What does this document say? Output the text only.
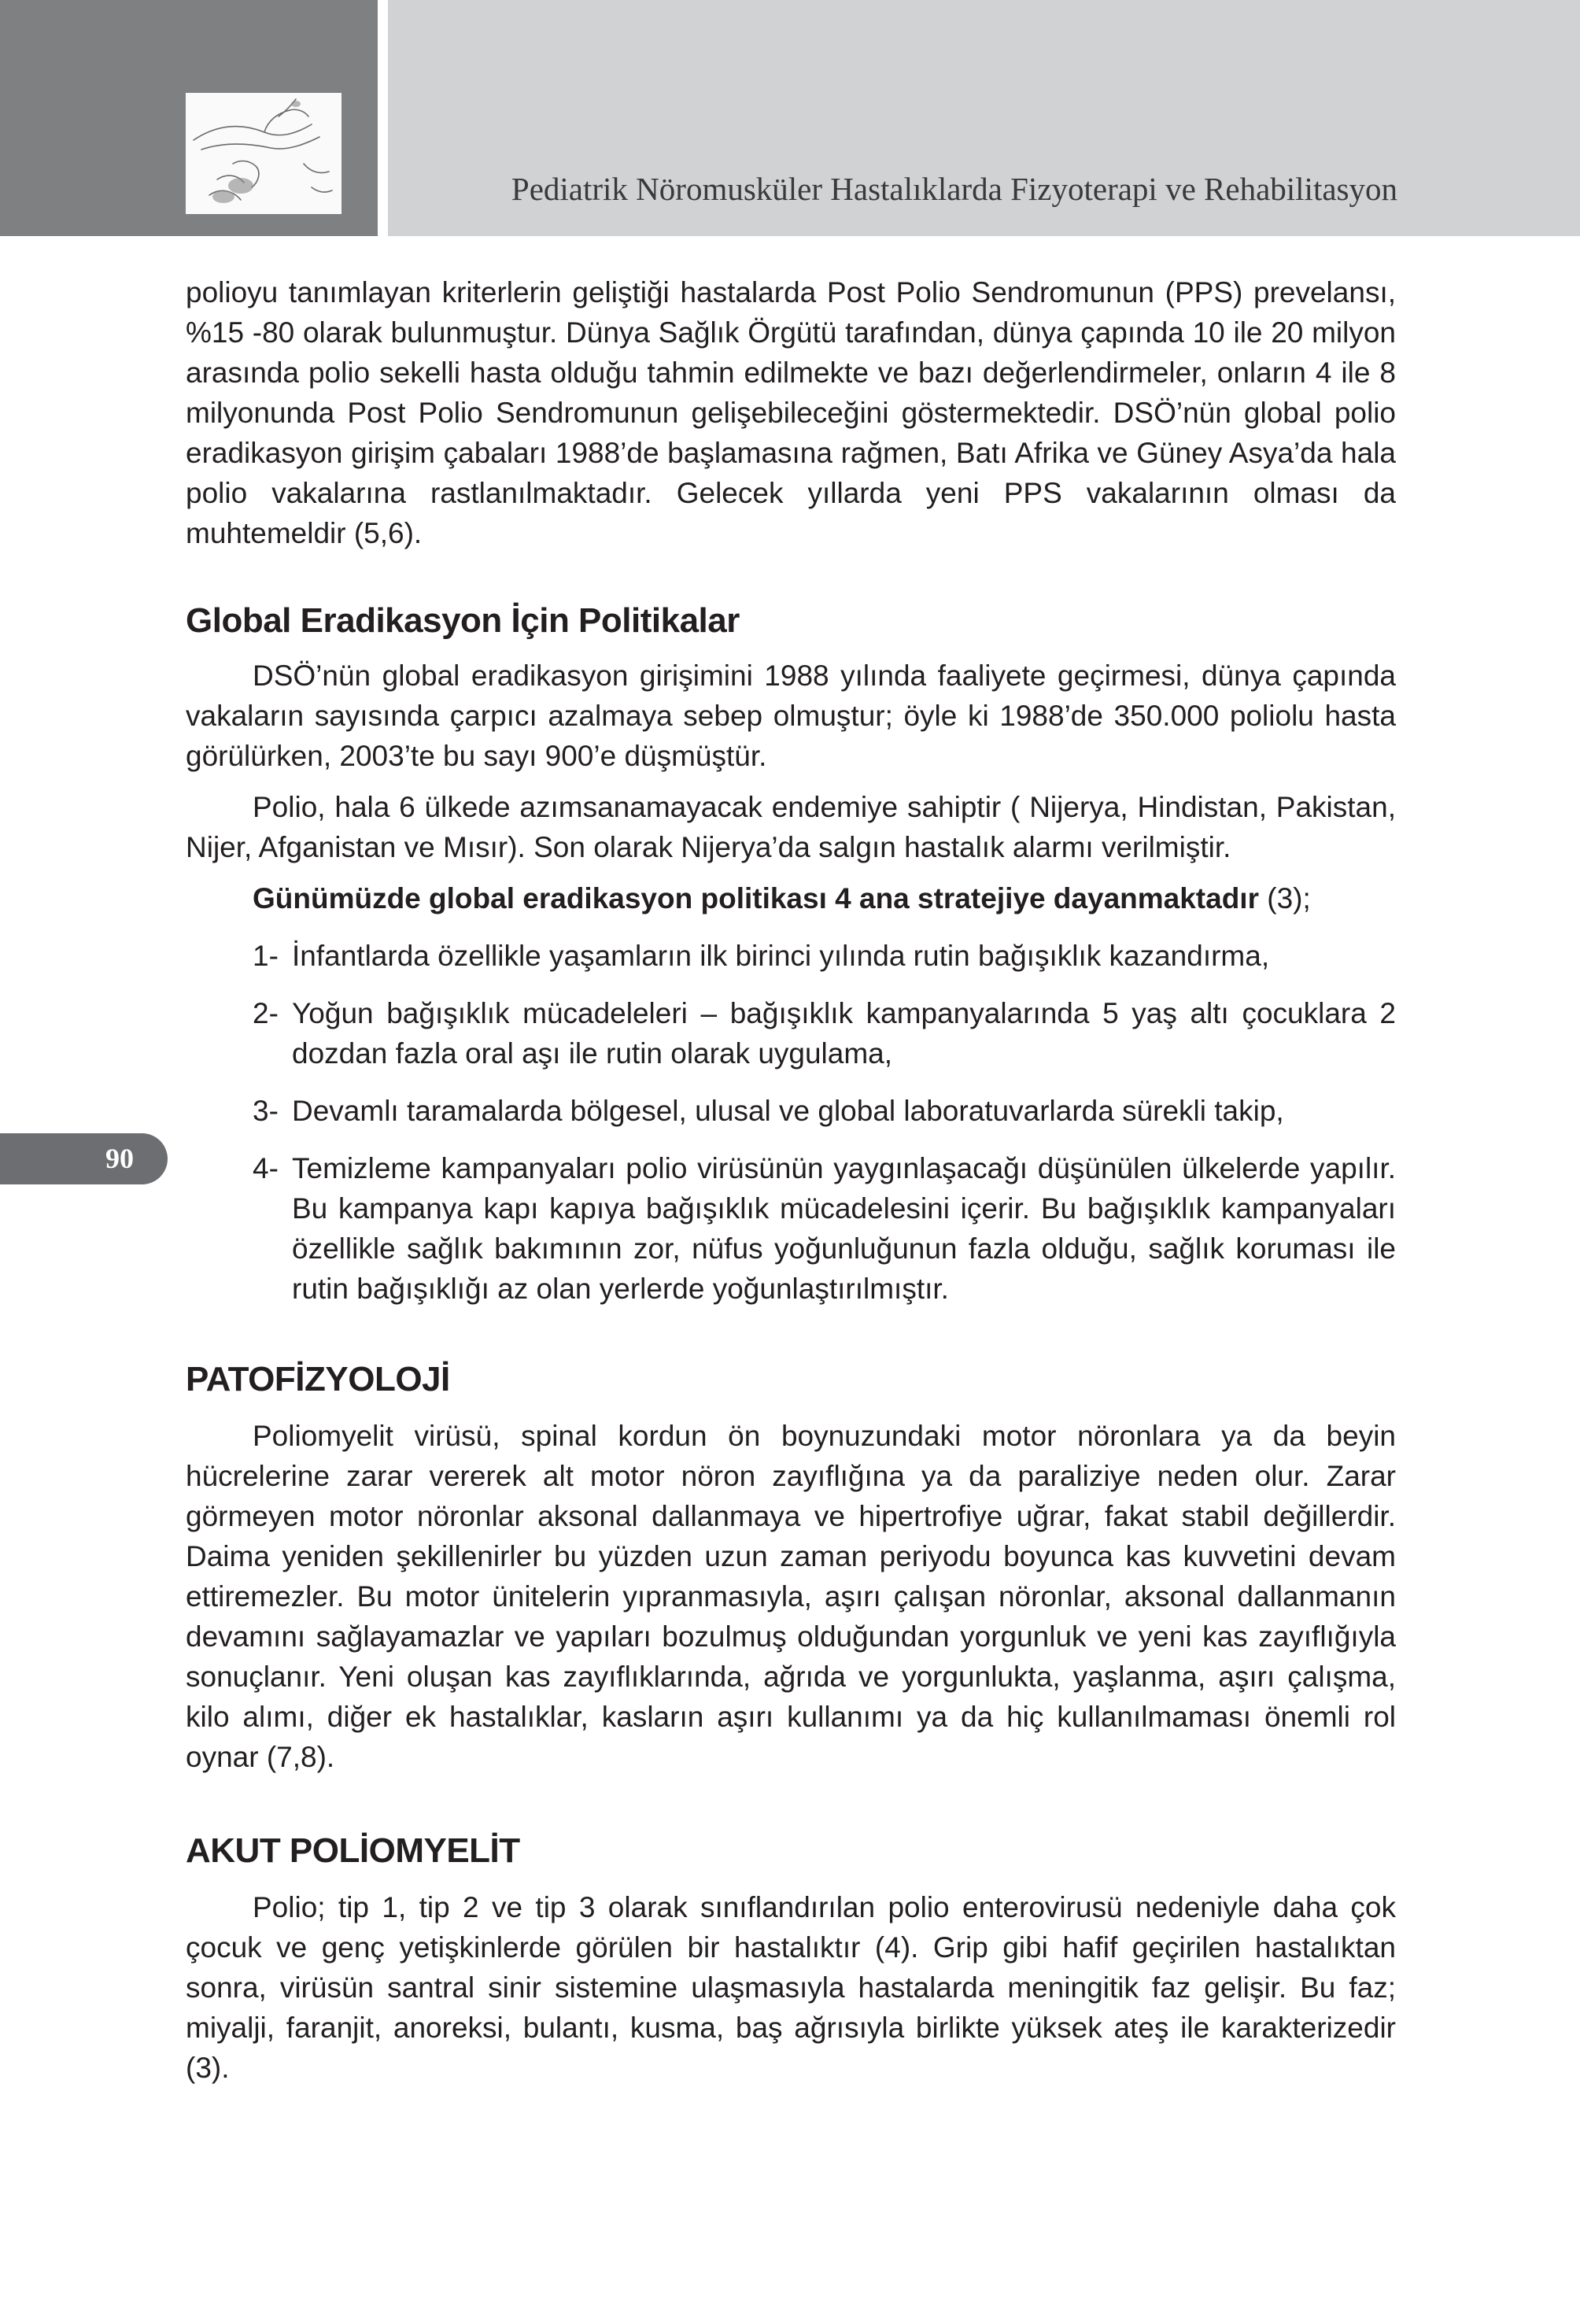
Pediatrik Nöromusküler Hastalıklarda Fizyoterapi ve Rehabilitasyon
90

polioyu tanımlayan kriterlerin geliştiği hastalarda Post Polio Sendromunun (PPS) prevelansı, %15 -80 olarak bulunmuştur. Dünya Sağlık Örgütü tarafından, dünya çapında 10 ile 20 milyon arasında polio sekelli hasta olduğu tahmin edilmekte ve bazı değerlendirmeler, onların 4 ile 8 milyonunda Post Polio Sendromunun gelişebileceğini göstermektedir. DSÖ’nün global polio eradikasyon girişim çabaları 1988’de başlamasına rağmen, Batı Afrika ve Güney Asya’da hala polio vakalarına rastlanılmaktadır. Gelecek yıllarda yeni PPS vakalarının olması da muhtemeldir (5,6).

Global Eradikasyon İçin Politikalar

DSÖ’nün global eradikasyon girişimini 1988 yılında faaliyete geçirmesi, dünya çapında vakaların sayısında çarpıcı azalmaya sebep olmuştur; öyle ki 1988’de 350.000 poliolu hasta görülürken, 2003’te bu sayı 900’e düşmüştür.

Polio, hala 6 ülkede azımsanamayacak endemiye sahiptir ( Nijerya, Hindistan, Pakistan, Nijer, Afganistan ve Mısır). Son olarak Nijerya’da salgın hastalık alarmı verilmiştir.

Günümüzde global eradikasyon politikası 4 ana stratejiye dayanmaktadır (3);

1- İnfantlarda özellikle yaşamların ilk birinci yılında rutin bağışıklık kazandırma,
2- Yoğun bağışıklık mücadeleleri – bağışıklık kampanyalarında 5 yaş altı çocuklara 2 dozdan fazla oral aşı ile rutin olarak uygulama,
3- Devamlı taramalarda bölgesel, ulusal ve global laboratuvarlarda sürekli takip,
4- Temizleme kampanyaları polio virüsünün yaygınlaşacağı düşünülen ülkelerde yapılır. Bu kampanya kapı kapıya bağışıklık mücadelesini içerir. Bu bağışıklık kampanyaları özellikle sağlık bakımının zor, nüfus yoğunluğunun fazla olduğu, sağlık koruması ile rutin bağışıklığı az olan yerlerde yoğunlaştırılmıştır.
PATOFİZYOLOJİ

Poliomyelit virüsü, spinal kordun ön boynuzundaki motor nöronlara ya da beyin hücrelerine zarar vererek alt motor nöron zayıflığına ya da paraliziye neden olur. Zarar görmeyen motor nöronlar aksonal dallanmaya ve hipertrofiye uğrar, fakat stabil değillerdir. Daima yeniden şekillenirler bu yüzden uzun zaman periyodu boyunca kas kuvvetini devam ettiremezler. Bu motor ünitelerin yıpranmasıyla, aşırı çalışan nöronlar, aksonal dallanmanın devamını sağlayamazlar ve yapıları bozulmuş olduğundan yorgunluk ve yeni kas zayıflığıyla sonuçlanır. Yeni oluşan kas zayıflıklarında, ağrıda ve yorgunlukta, yaşlanma, aşırı çalışma, kilo alımı, diğer ek hastalıklar, kasların aşırı kullanımı ya da hiç kullanılmaması önemli rol oynar (7,8).

AKUT POLİOMYELİT

Polio; tip 1, tip 2 ve tip 3 olarak sınıflandırılan polio enterovirusü nedeniyle daha çok çocuk ve genç yetişkinlerde görülen bir hastalıktır (4). Grip gibi hafif geçirilen hastalıktan sonra, virüsün santral sinir sistemine ulaşmasıyla hastalarda meningitik faz gelişir. Bu faz; miyalji, faranjit, anoreksi, bulantı, kusma, baş ağrısıyla birlikte yüksek ateş ile karakterizedir (3).
